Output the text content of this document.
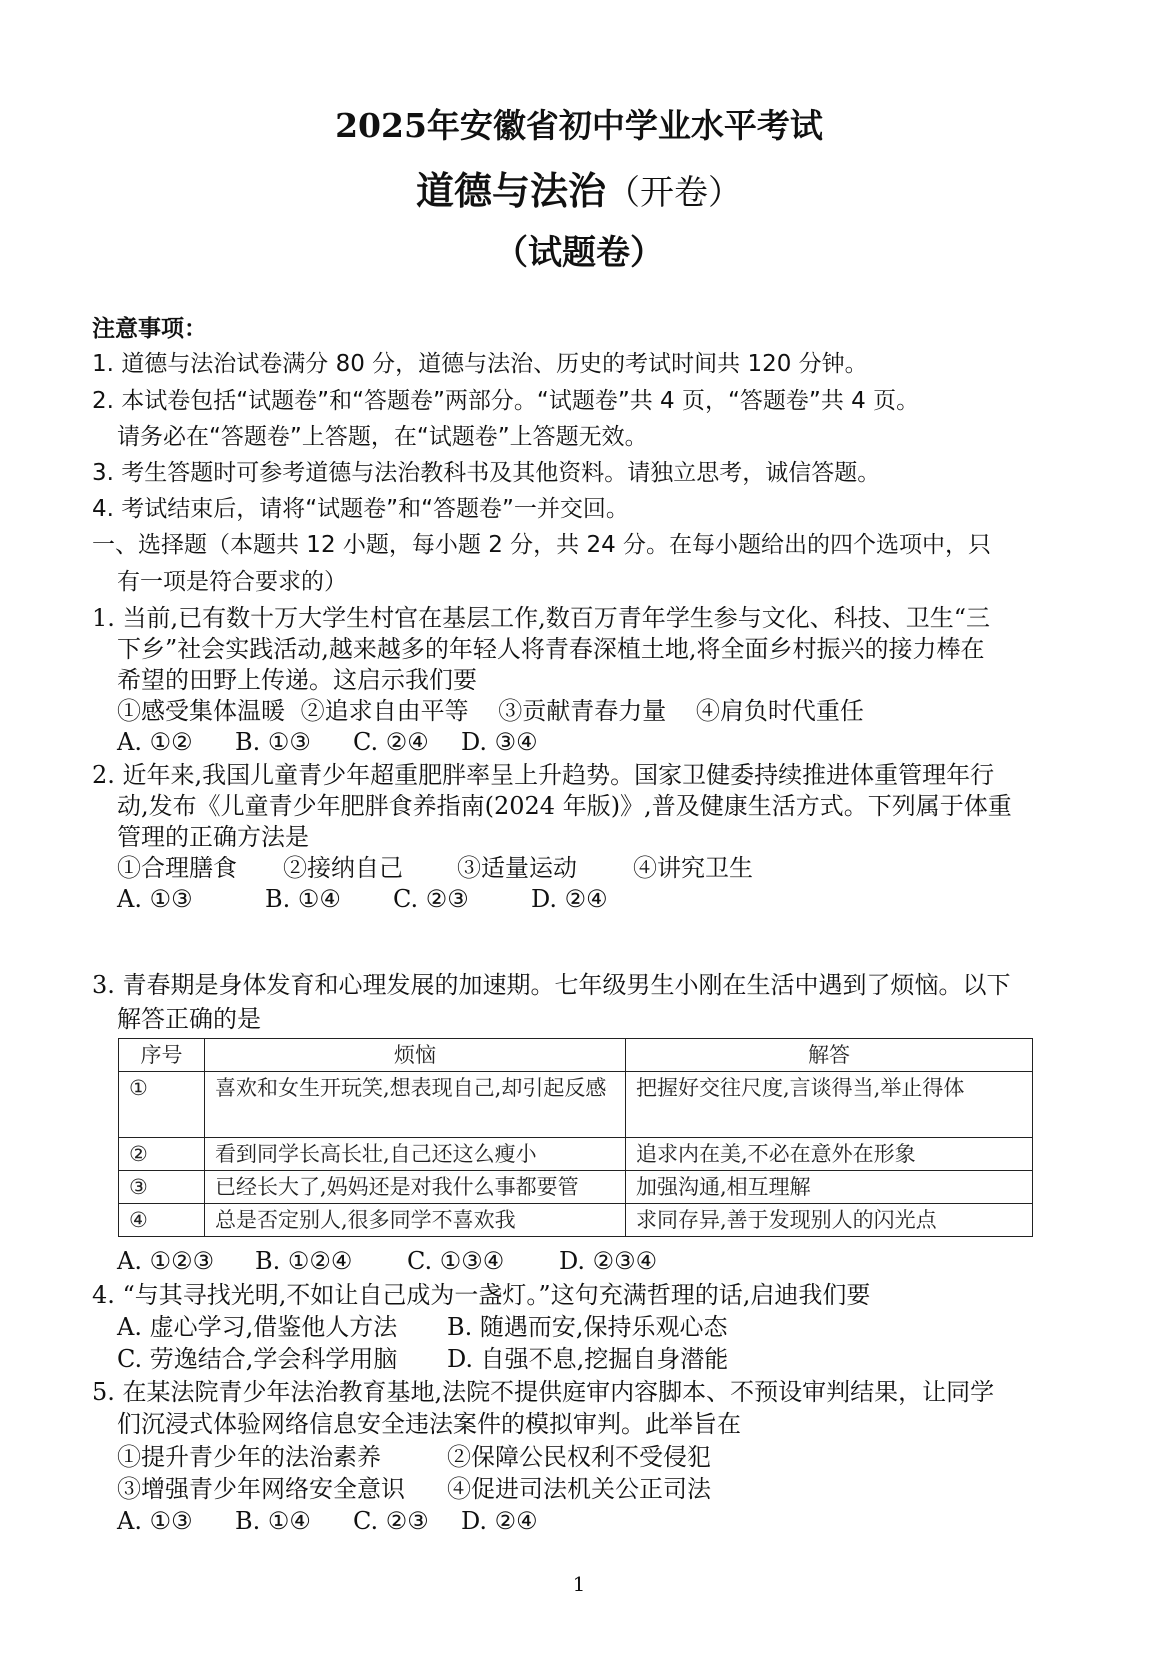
2025年安徽省初中学业水平考试
道德与法治（开卷）
（试题卷）
注意事项：
1. 道德与法治试卷满分 80 分，道德与法治、历史的考试时间共 120 分钟。
2. 本试卷包括“试题卷”和“答题卷”两部分。“试题卷”共 4 页，“答题卷”共 4 页。
请务必在“答题卷”上答题，在“试题卷”上答题无效。
3. 考生答题时可参考道德与法治教科书及其他资料。请独立思考，诚信答题。
4. 考试结束后，请将“试题卷”和“答题卷”一并交回。
一、选择题（本题共 12 小题，每小题 2 分，共 24 分。在每小题给出的四个选项中，只
有一项是符合要求的）
1. 当前,已有数十万大学生村官在基层工作,数百万青年学生参与文化、科技、卫生“三
下乡”社会实践活动,越来越多的年轻人将青春深植土地,将全面乡村振兴的接力棒在
希望的田野上传递。这启示我们要
①感受集体温暖 ②追求自由平等 ③贡献青春力量 ④肩负时代重任
A. ①② B. ①③ C. ②④ D. ③④
2. 近年来,我国儿童青少年超重肥胖率呈上升趋势。国家卫健委持续推进体重管理年行
动,发布《儿童青少年肥胖食养指南(2024 年版)》,普及健康生活方式。下列属于体重
管理的正确方法是
①合理膳食 ②接纳自己 ③适量运动 ④讲究卫生
A. ①③	B. ①④ C. ②③	D. ②④
3. 青春期是身体发育和心理发展的加速期。七年级男生小刚在生活中遇到了烦恼。以下
解答正确的是
序号	烦恼	解答
①	喜欢和女生开玩笑,想表现自己,却引起反感	把握好交往尺度,言谈得当,举止得体
②	看到同学长高长壮,自己还这么瘦小	追求内在美,不必在意外在形象
③	已经长大了,妈妈还是对我什么事都要管	加强沟通,相互理解
④	总是否定别人,很多同学不喜欢我	求同存异,善于发现别人的闪光点
A. ①②③ B. ①②④ C. ①③④ D. ②③④
4. “与其寻找光明,不如让自己成为一盏灯。”这句充满哲理的话,启迪我们要
A. 虚心学习,借鉴他人方法 B. 随遇而安,保持乐观心态
C. 劳逸结合,学会科学用脑 D. 自强不息,挖掘自身潜能
5. 在某法院青少年法治教育基地,法院不提供庭审内容脚本、不预设审判结果，让同学
们沉浸式体验网络信息安全违法案件的模拟审判。此举旨在
①提升青少年的法治素养	②保障公民权利不受侵犯
③增强青少年网络安全意识 ④促进司法机关公正司法
A. ①③ B. ①④ C. ②③ D. ②④
1
